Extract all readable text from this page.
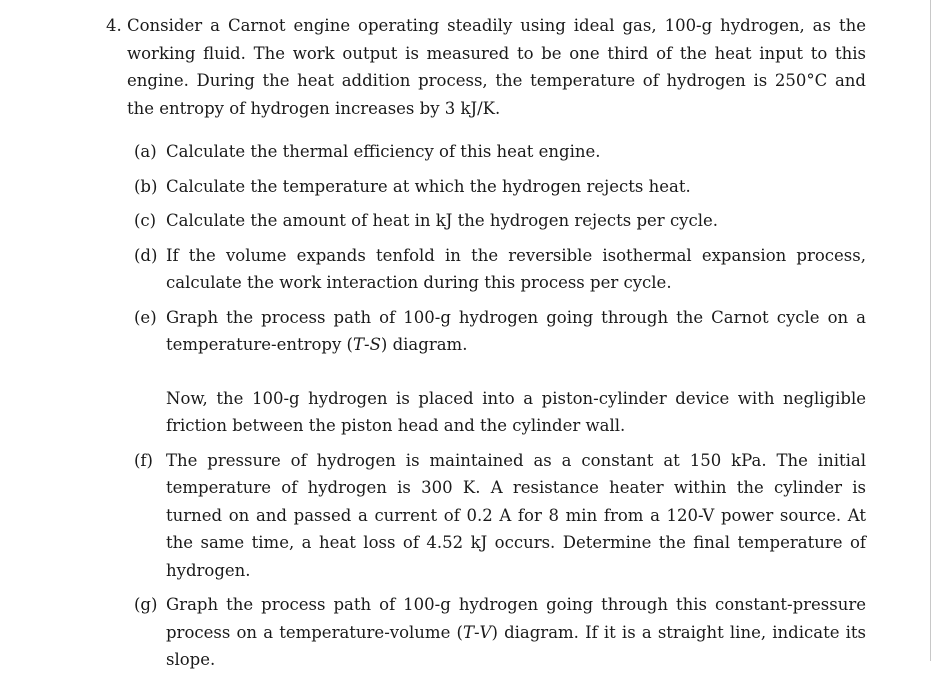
4. Consider a Carnot engine operating steadily using ideal gas, 100-g hydrogen, as the working fluid. The work output is measured to be one third of the heat input to this engine. During the heat addition process, the temperature of hydrogen is 250°C and the entropy of hydrogen increases by 3 kJ/K.
(a) Calculate the thermal efficiency of this heat engine.
(b) Calculate the temperature at which the hydrogen rejects heat.
(c) Calculate the amount of heat in kJ the hydrogen rejects per cycle.
(d) If the volume expands tenfold in the reversible isothermal expansion process, calculate the work interaction during this process per cycle.
(e) Graph the process path of 100-g hydrogen going through the Carnot cycle on a temperature-entropy (T-S) diagram.
Now, the 100-g hydrogen is placed into a piston-cylinder device with negligible friction between the piston head and the cylinder wall.
(f) The pressure of hydrogen is maintained as a constant at 150 kPa. The initial temperature of hydrogen is 300 K. A resistance heater within the cylinder is turned on and passed a current of 0.2 A for 8 min from a 120-V power source. At the same time, a heat loss of 4.52 kJ occurs. Determine the final temperature of hydrogen.
(g) Graph the process path of 100-g hydrogen going through this constant-pressure process on a temperature-volume (T-V) diagram. If it is a straight line, indicate its slope.
